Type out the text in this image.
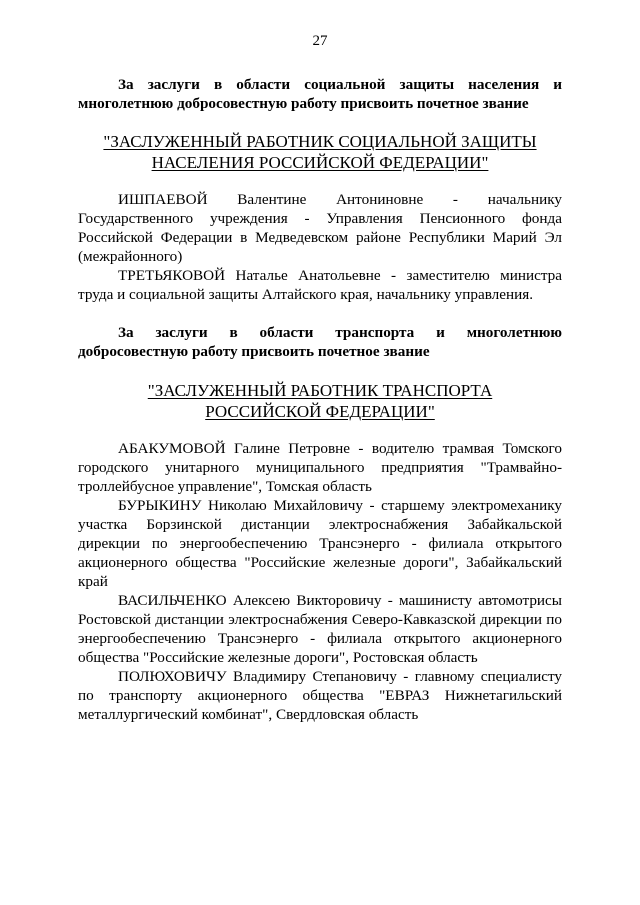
27

За заслуги в области социальной защиты населения и многолетнюю добросовестную работу присвоить почетное звание

"ЗАСЛУЖЕННЫЙ РАБОТНИК СОЦИАЛЬНОЙ ЗАЩИТЫ
НАСЕЛЕНИЯ РОССИЙСКОЙ ФЕДЕРАЦИИ"

ИШПАЕВОЙ Валентине Антониновне - начальнику Государственного учреждения - Управления Пенсионного фонда Российской Федерации в Медведевском районе Республики Марий Эл (межрайонного)

ТРЕТЬЯКОВОЙ Наталье Анатольевне - заместителю министра труда и социальной защиты Алтайского края, начальнику управления.

За заслуги в области транспорта и многолетнюю добросовестную работу присвоить почетное звание

"ЗАСЛУЖЕННЫЙ РАБОТНИК ТРАНСПОРТА
РОССИЙСКОЙ ФЕДЕРАЦИИ"

АБАКУМОВОЙ Галине Петровне - водителю трамвая Томского городского унитарного муниципального предприятия "Трамвайно-троллейбусное управление", Томская область

БУРЫКИНУ Николаю Михайловичу - старшему электромеханику участка Борзинской дистанции электроснабжения Забайкальской дирекции по энергообеспечению Трансэнерго - филиала открытого акционерного общества "Российские железные дороги", Забайкальский край

ВАСИЛЬЧЕНКО Алексею Викторовичу - машинисту автомотрисы Ростовской дистанции электроснабжения Северо-Кавказской дирекции по энергообеспечению Трансэнерго - филиала открытого акционерного общества "Российские железные дороги", Ростовская область

ПОЛЮХОВИЧУ Владимиру Степановичу - главному специалисту по транспорту акционерного общества "ЕВРАЗ Нижнетагильский металлургический комбинат", Свердловская область
